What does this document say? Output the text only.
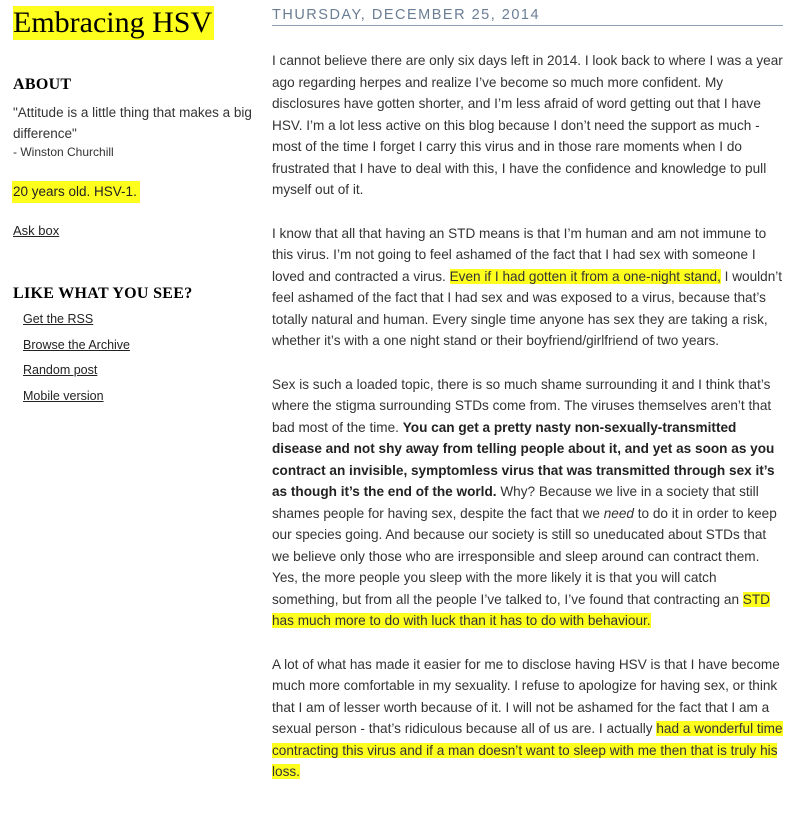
Embracing HSV
ABOUT
"Attitude is a little thing that makes a big difference"
- Winston Churchill
20 years old. HSV-1.
Ask box
LIKE WHAT YOU SEE?
Get the RSS
Browse the Archive
Random post
Mobile version
THURSDAY, DECEMBER 25, 2014

I cannot believe there are only six days left in 2014. I look back to where I was a year ago regarding herpes and realize I’ve become so much more confident. My disclosures have gotten shorter, and I’m less afraid of word getting out that I have HSV. I’m a lot less active on this blog because I don’t need the support as much - most of the time I forget I carry this virus and in those rare moments when I do frustrated that I have to deal with this, I have the confidence and knowledge to pull myself out of it.

I know that all that having an STD means is that I’m human and am not immune to this virus. I’m not going to feel ashamed of the fact that I had sex with someone I loved and contracted a virus. Even if I had gotten it from a one-night stand, I wouldn’t feel ashamed of the fact that I had sex and was exposed to a virus, because that’s totally natural and human. Every single time anyone has sex they are taking a risk, whether it’s with a one night stand or their boyfriend/girlfriend of two years.

Sex is such a loaded topic, there is so much shame surrounding it and I think that’s where the stigma surrounding STDs come from. The viruses themselves aren’t that bad most of the time. You can get a pretty nasty non-sexually-transmitted disease and not shy away from telling people about it, and yet as soon as you contract an invisible, symptomless virus that was transmitted through sex it’s as though it’s the end of the world. Why? Because we live in a society that still shames people for having sex, despite the fact that we need to do it in order to keep our species going. And because our society is still so uneducated about STDs that we believe only those who are irresponsible and sleep around can contract them. Yes, the more people you sleep with the more likely it is that you will catch something, but from all the people I’ve talked to, I’ve found that contracting an STD has much more to do with luck than it has to do with behaviour.

A lot of what has made it easier for me to disclose having HSV is that I have become much more comfortable in my sexuality. I refuse to apologize for having sex, or think that I am of lesser worth because of it. I will not be ashamed for the fact that I am a sexual person - that’s ridiculous because all of us are. I actually had a wonderful time contracting this virus and if a man doesn’t want to sleep with me then that is truly his loss.
